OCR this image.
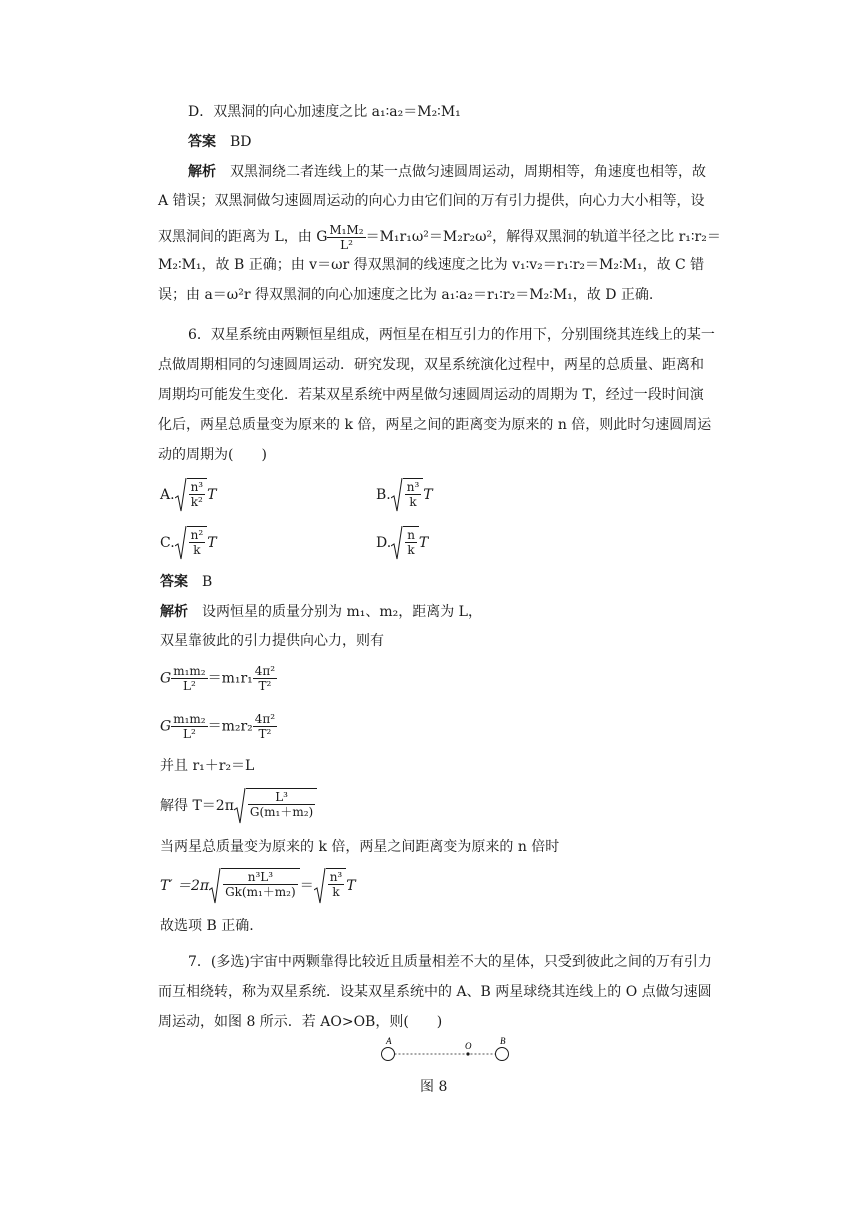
D．双黑洞的向心加速度之比 a₁∶a₂＝M₂∶M₁
答案 BD
解析 双黑洞绕二者连线上的某一点做匀速圆周运动，周期相等，角速度也相等，故
A 错误；双黑洞做匀速圆周运动的向心力由它们间的万有引力提供，向心力大小相等，设
双黑洞间的距离为 L，由 G $\frac{\text{M₁M₂}}{\text{L²}} =M_1r_1\omega^2=M_2r_2\omega^2$，解得双黑洞的轨道半径之比 r₁∶r₂＝
M₂∶M₁，故 B 正确；由 v＝ωr 得双黑洞的线速度之比为 v₁∶v₂＝r₁∶r₂＝M₂∶M₁，故 C 错
误；由 a＝ω²r 得双黑洞的向心加速度之比为 a₁∶a₂＝r₁∶r₂＝M₂∶M₁，故 D 正确.
6．双星系统由两颗恒星组成，两恒星在相互引力的作用下，分别围绕其连线上的某一
点做周期相同的匀速圆周运动．研究发现，双星系统演化过程中，两星的总质量、距离和
周期均可能发生变化．若某双星系统中两星做匀速圆周运动的周期为 T，经过一段时间演
化后，两星总质量变为原来的 k 倍，两星之间的距离变为原来的 n 倍，则此时匀速圆周运
动的周期为(　　)
A. $\frac{\text{n³}}{\text{k²}}$ T	B. $\frac{\text{n³}}{k}$ T
C. $\frac{\text{n²}}{k}$ T	D. $\frac{n}{k}$ T
答案 B
解析 设两恒星的质量分别为 m₁、m₂，距离为 L，
双星靠彼此的引力提供向心力，则有
G $\frac{\text{m₁m₂}}{\text{L²}} =m_1r_1 \frac{\text{4π²}}{\text{T²}}$
G $\frac{\text{m₁m₂}}{\text{L²}} =m_2r_2 \frac{\text{4π²}}{\text{T²}}$
并且 r₁＋r₂＝L
解得 $T=2\pi \frac{\text{L³}}{\text{G(m₁＋m₂)}}$
当两星总质量变为原来的 k 倍，两星之间距离变为原来的 n 倍时
$T' =2\pi \frac{\text{n³L³}}{\text{Gk(m₁＋m₂)}} = \frac{\text{n³}}{k}$ T
故选项 B 正确.
7．(多选)宇宙中两颗靠得比较近且质量相差不大的星体，只受到彼此之间的万有引力
而互相绕转，称为双星系统．设某双星系统中的 A、B 两星球绕其连线上的 O 点做匀速圆
周运动，如图 8 所示．若 AO>OB，则(　　)
A	O	B
图 8
